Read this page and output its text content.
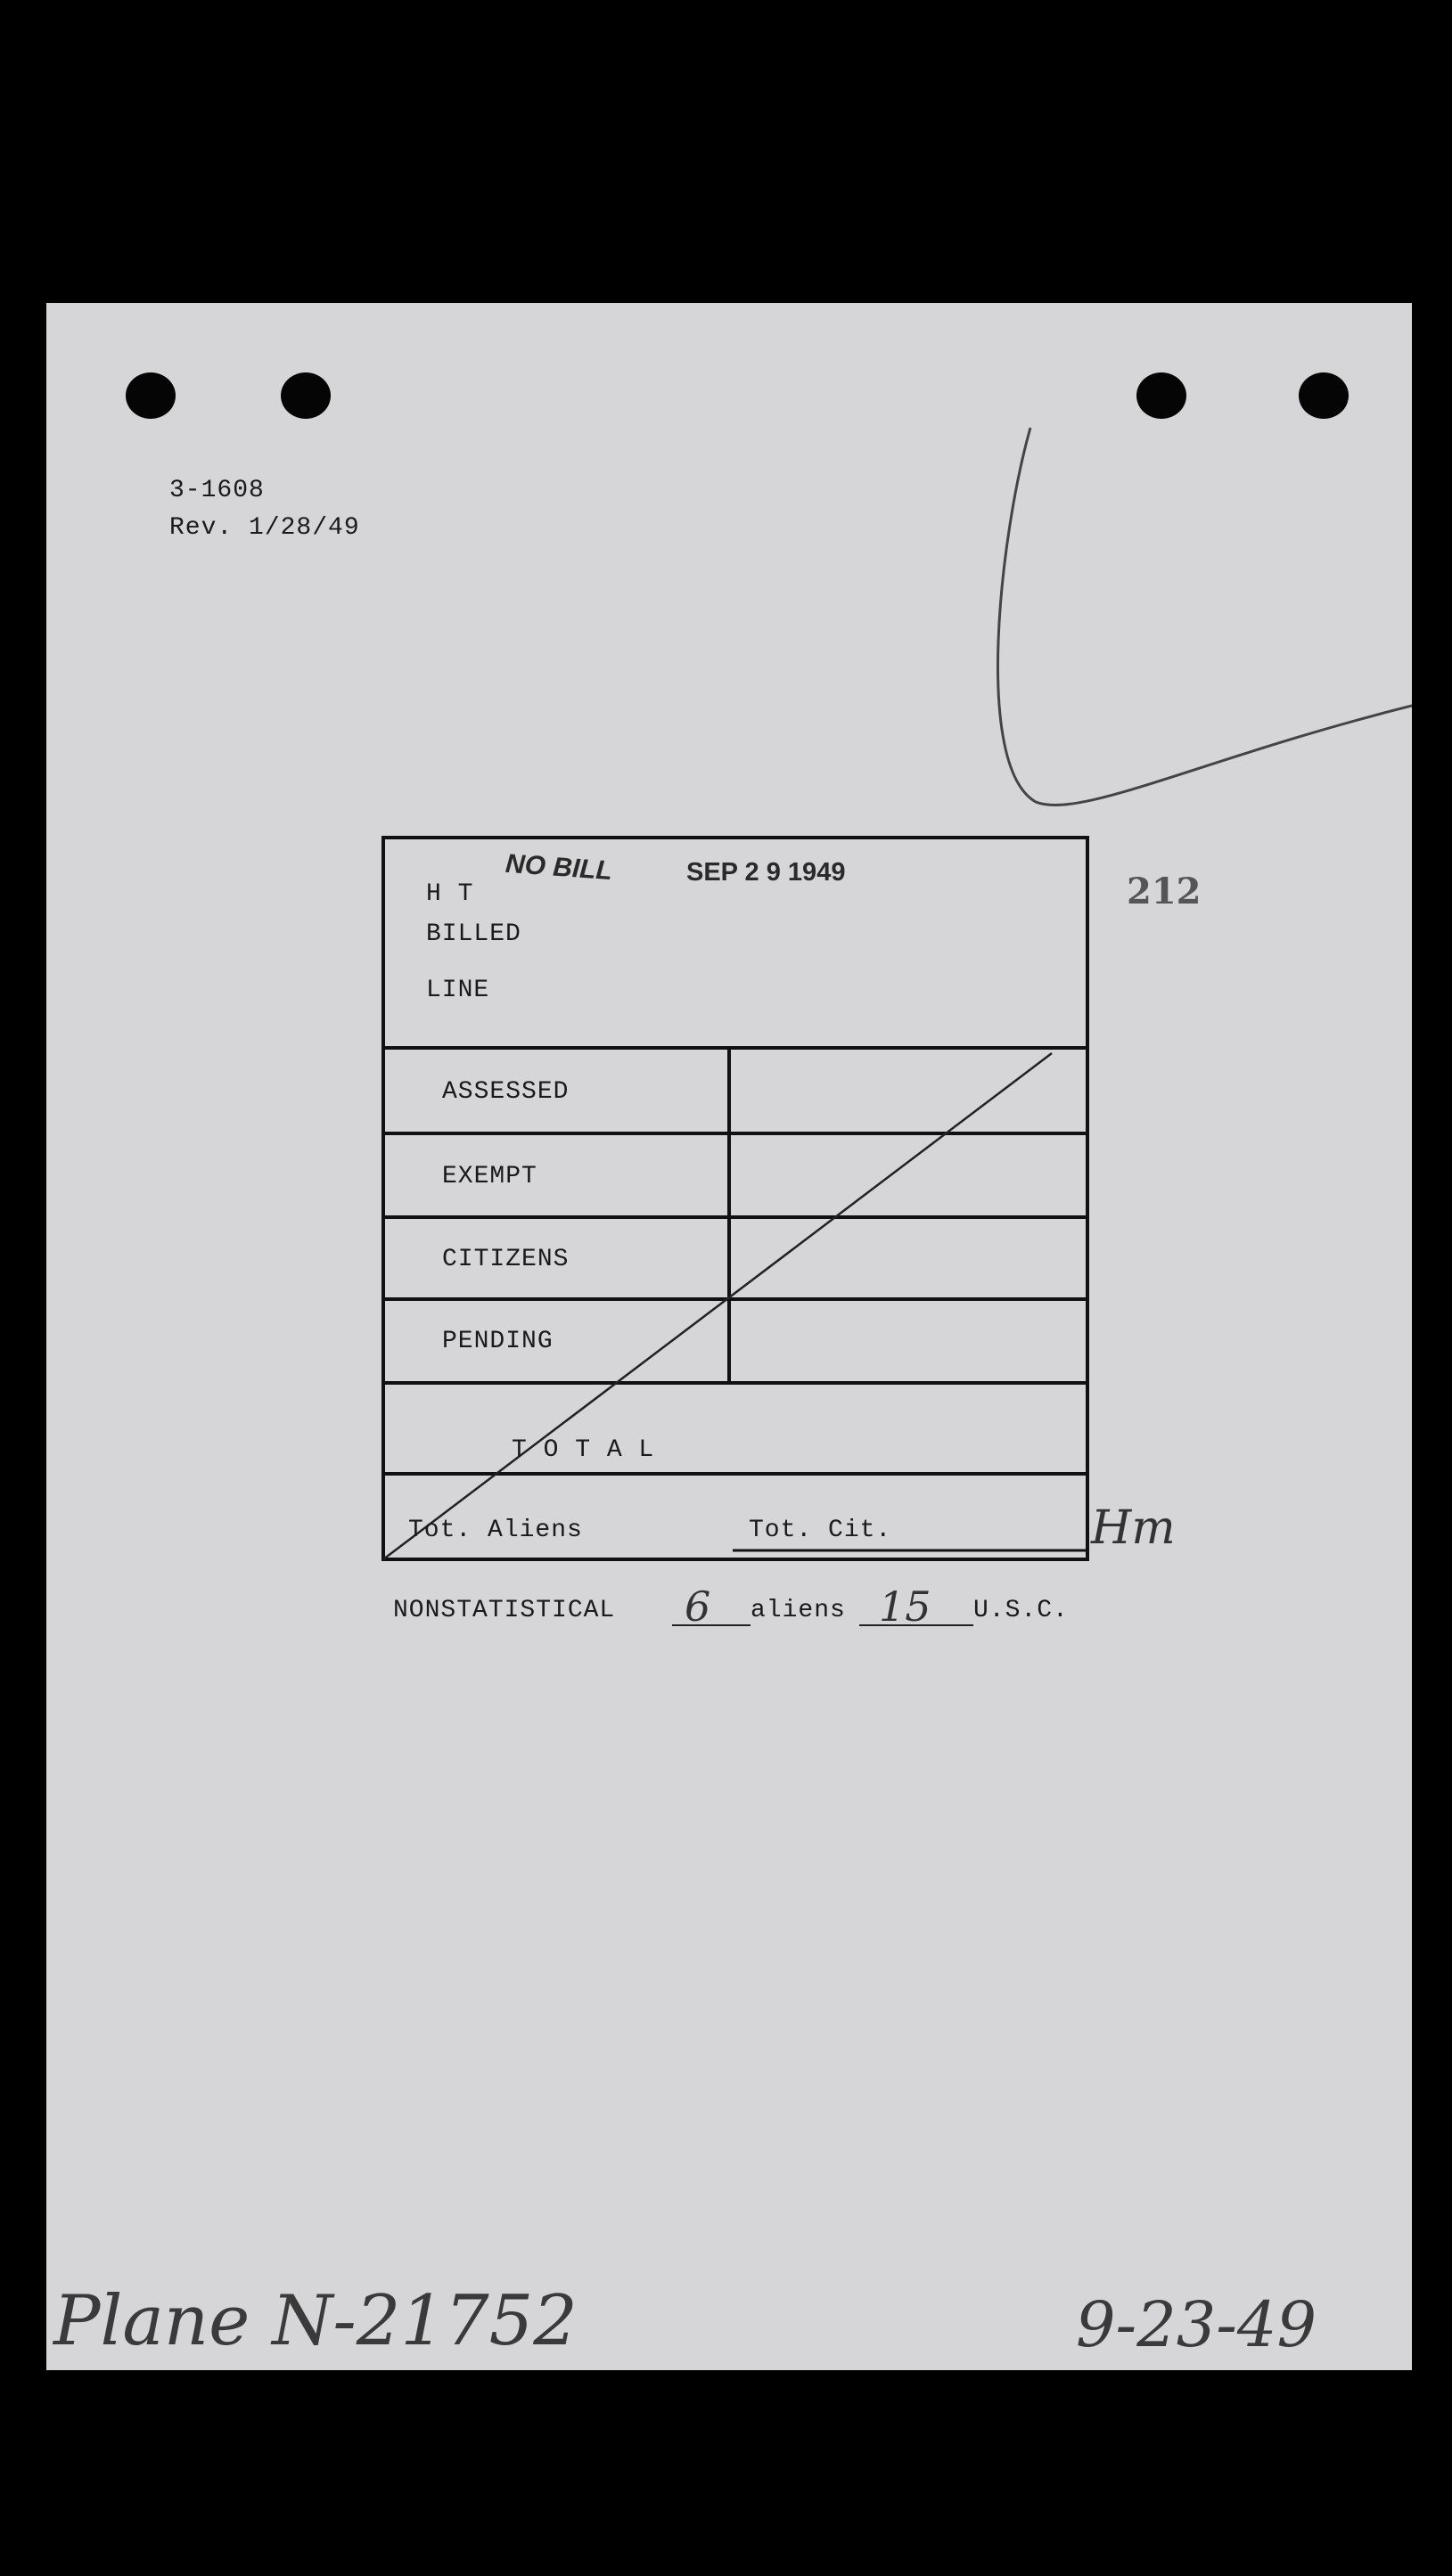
3-1608
Rev. 1/28/49
NO BILL	SEP 2 9 1949	212
H T
BILLED
LINE
ASSESSED
EXEMPT
CITIZENS
PENDING
T O T A L
Tot. Aliens	Tot. Cit.	Hm
NONSTATISTICAL 6 aliens 15 U.S.C.
Plane N-21752	9-23-49
